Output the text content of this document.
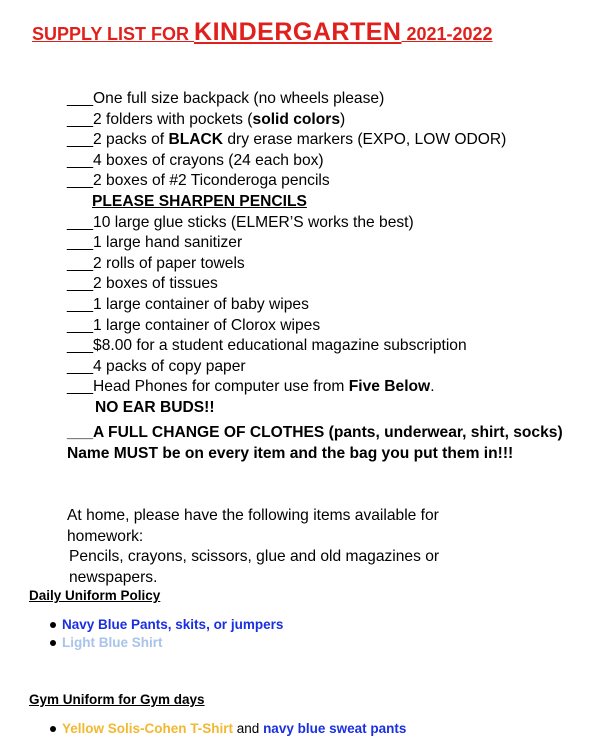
SUPPLY LIST FOR KINDERGARTEN 2021-2022
___One full size backpack (no wheels please)
___2 folders with pockets (solid colors)
___2 packs of BLACK dry erase markers (EXPO, LOW ODOR)
___4 boxes of crayons (24 each box)
___2 boxes of #2 Ticonderoga pencils
PLEASE SHARPEN PENCILS
___10 large glue sticks (ELMER’S works the best)
___1 large hand sanitizer
___2 rolls of paper towels
___2 boxes of tissues
___1 large container of baby wipes
___1 large container of Clorox wipes
___$8.00 for a student educational magazine subscription
___4 packs of copy paper
___Head Phones for computer use from Five Below.
NO EAR BUDS!!
___A FULL CHANGE OF CLOTHES (pants, underwear, shirt, socks) Name MUST be on every item and the bag you put them in!!!
At home, please have the following items available for homework:
Pencils, crayons, scissors, glue and old magazines or newspapers.
Daily Uniform Policy
Navy Blue Pants, skits, or jumpers
Light Blue Shirt
Gym Uniform for Gym days
Yellow Solis-Cohen T-Shirt and navy blue sweat pants
